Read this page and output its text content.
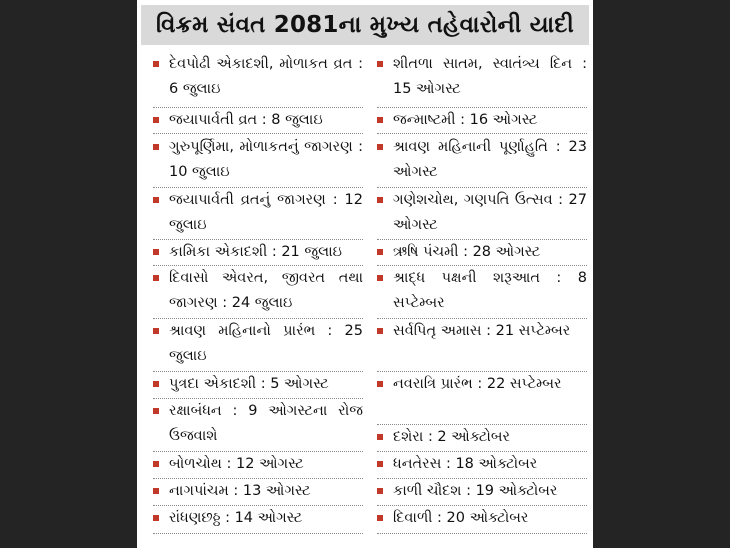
વિક્રમ સંવત 2081ના મુખ્ય તહેવારોની યાદી
દેવપોઢી એકાદશી, મોળાકત વ્રત : 6 જુલાઇ
જયાપાર્વતી વ્રત : 8 જુલાઇ
ગુરુપૂર્ણિમા, મોળાકતનું જાગરણ : 10 જુલાઇ
જયાપાર્વતી વ્રતનું જાગરણ : 12 જુલાઇ
કામિકા એકાદશી : 21 જુલાઇ
દિવાસો એવરત, જીવરત તથા જાગરણ : 24 જુલાઇ
શ્રાવણ મહિનાનો પ્રારંભ : 25 જુલાઇ
પુત્રદા એકાદશી : 5 ઓગસ્ટ
રક્ષાબંધન : 9 ઓગસ્ટના રોજ ઉજવાશે
બોળચોથ : 12 ઓગસ્ટ
નાગપાંચમ : 13 ઓગસ્ટ
રાંધણછઠ્ઠ : 14 ઓગસ્ટ
શીતળા સાતમ, સ્વાતંત્ર્ય દિન : 15 ઓગસ્ટ
જન્માષ્ટમી : 16 ઓગસ્ટ
શ્રાવણ મહિનાની પૂર્ણાહુતિ : 23 ઓગસ્ટ
ગણેશચોથ, ગણપતિ ઉત્સવ : 27 ઓગસ્ટ
ઋષિ પંચમી : 28 ઓગસ્ટ
શ્રાદ્ધ પક્ષની શરૂઆત : 8 સપ્ટેમ્બર
સર્વપિતૃ અમાસ : 21 સપ્ટેમ્બર
નવરાત્રિ પ્રારંભ : 22 સપ્ટેમ્બર
દશેરા : 2 ઓક્ટોબર
ધનતેરસ : 18 ઓક્ટોબર
કાળી ચૌદશ : 19 ઓક્ટોબર
દિવાળી : 20 ઓક્ટોબર
